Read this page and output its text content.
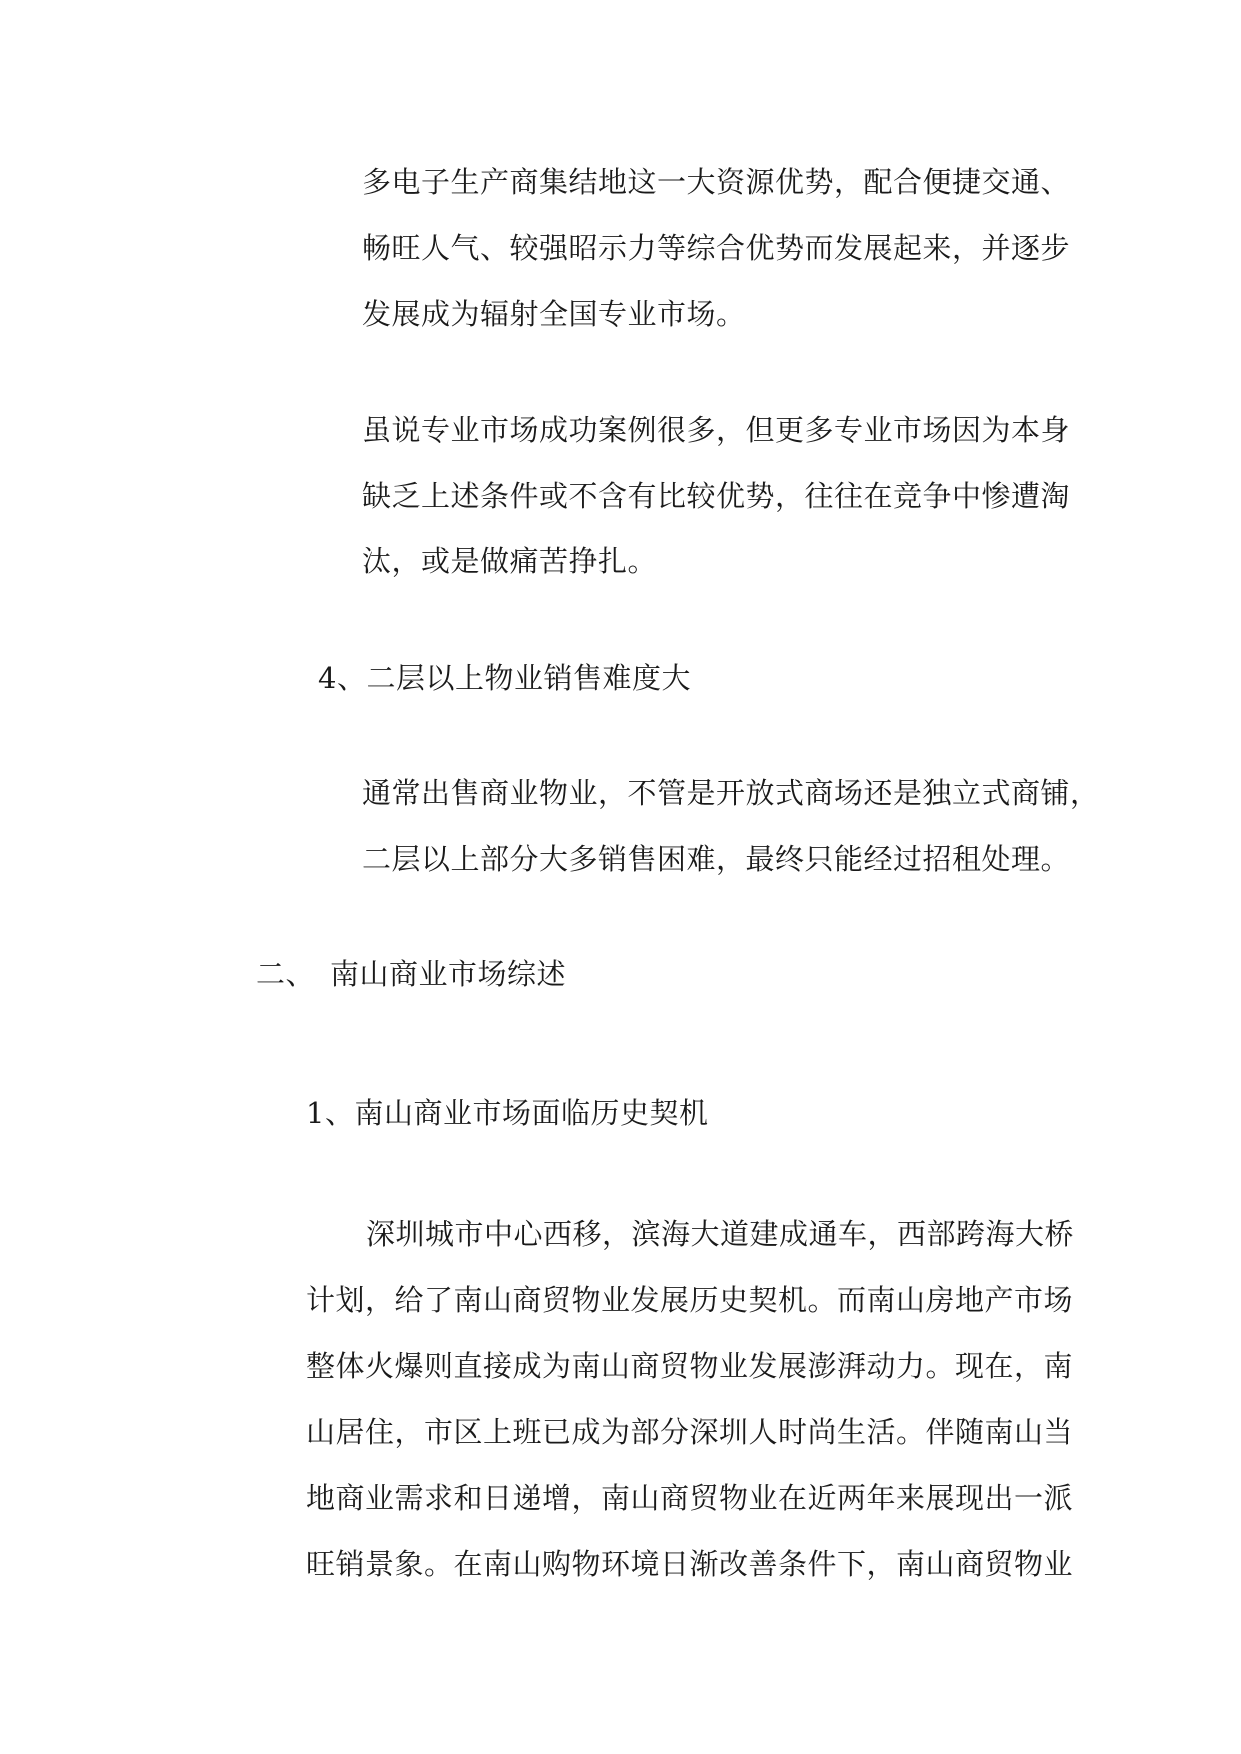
多电子生产商集结地这一大资源优势，配合便捷交通、
畅旺人气、较强昭示力等综合优势而发展起来，并逐步
发展成为辐射全国专业市场。
虽说专业市场成功案例很多，但更多专业市场因为本身
缺乏上述条件或不含有比较优势，往往在竞争中惨遭淘
汰，或是做痛苦挣扎。
4、二层以上物业销售难度大
通常出售商业物业，不管是开放式商场还是独立式商铺，
二层以上部分大多销售困难，最终只能经过招租处理。
二、 南山商业市场综述
1、南山商业市场面临历史契机
深圳城市中心西移，滨海大道建成通车，西部跨海大桥
计划，给了南山商贸物业发展历史契机。而南山房地产市场
整体火爆则直接成为南山商贸物业发展澎湃动力。现在，南
山居住，市区上班已成为部分深圳人时尚生活。伴随南山当
地商业需求和日递增，南山商贸物业在近两年来展现出一派
旺销景象。在南山购物环境日渐改善条件下，南山商贸物业
